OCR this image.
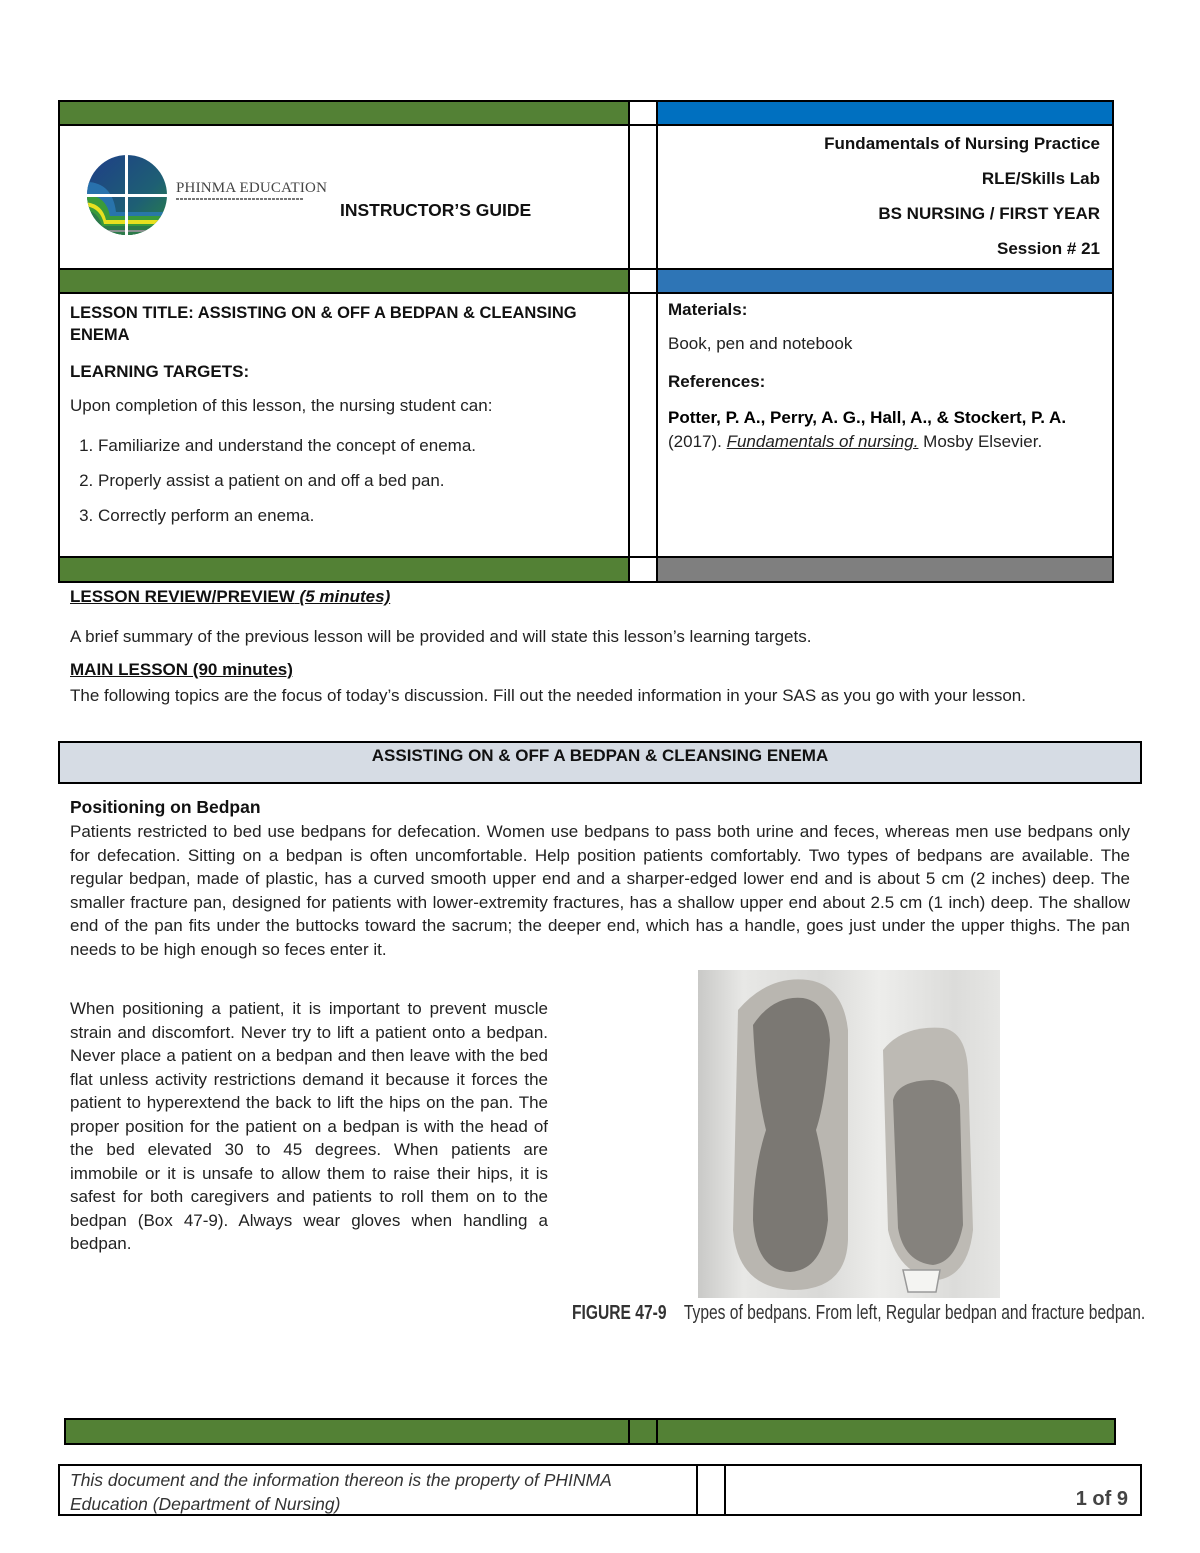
PHINMA EDUCATION
INSTRUCTOR’S GUIDE

Fundamentals of Nursing Practice

RLE/Skills Lab

BS NURSING / FIRST YEAR

Session # 21

LESSON TITLE: ASSISTING ON & OFF A BEDPAN & CLEANSING ENEMA

LEARNING TARGETS:

Upon completion of this lesson, the nursing student can:

1. Familiarize and understand the concept of enema.
2. Properly assist a patient on and off a bed pan.
3. Correctly perform an enema.

Materials:

Book, pen and notebook

References:

Potter, P. A., Perry, A. G., Hall, A., & Stockert, P. A. (2017). Fundamentals of nursing. Mosby Elsevier.

LESSON REVIEW/PREVIEW (5 minutes)
A brief summary of the previous lesson will be provided and will state this lesson’s learning targets.
MAIN LESSON (90 minutes)
The following topics are the focus of today’s discussion. Fill out the needed information in your SAS as you go with your lesson.
ASSISTING ON & OFF A BEDPAN & CLEANSING ENEMA
Positioning on Bedpan
Patients restricted to bed use bedpans for defecation. Women use bedpans to pass both urine and feces, whereas men use bedpans only for defecation. Sitting on a bedpan is often uncomfortable. Help position patients comfortably. Two types of bedpans are available. The regular bedpan, made of plastic, has a curved smooth upper end and a sharper-edged lower end and is about 5 cm (2 inches) deep. The smaller fracture pan, designed for patients with lower-extremity fractures, has a shallow upper end about 2.5 cm (1 inch) deep. The shallow end of the pan fits under the buttocks toward the sacrum; the deeper end, which has a handle, goes just under the upper thighs. The pan needs to be high enough so feces enter it.
When positioning a patient, it is important to prevent muscle strain and discomfort. Never try to lift a patient onto a bedpan. Never place a patient on a bedpan and then leave with the bed flat unless activity restrictions demand it because it forces the patient to hyperextend the back to lift the hips on the pan. The proper position for the patient on a bedpan is with the head of the bed elevated 30 to 45 degrees. When patients are immobile or it is unsafe to allow them to raise their hips, it is safest for both caregivers and patients to roll them on to the bedpan (Box 47-9). Always wear gloves when handling a bedpan.
FIGURE 47-9 Types of bedpans. From left, Regular bedpan and fracture bedpan.
This document and the information thereon is the property of PHINMA Education (Department of Nursing)	1 of 9
